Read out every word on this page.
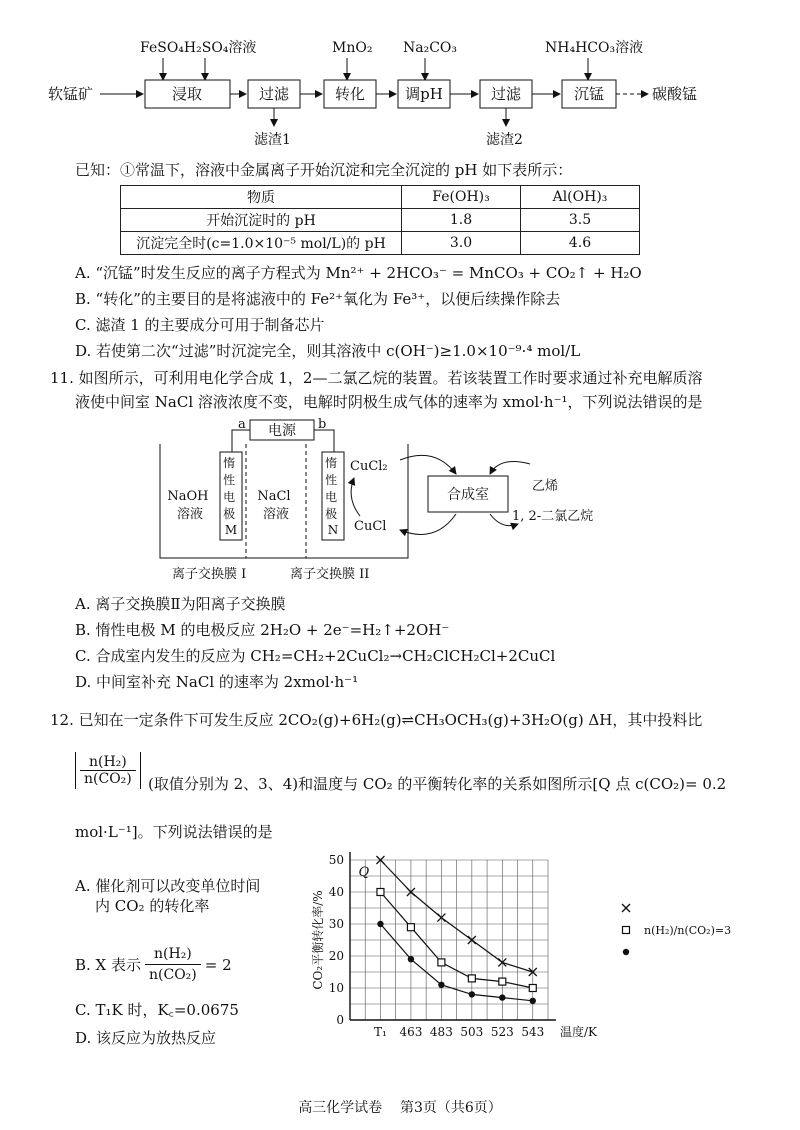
FeSO₄H₂SO₄溶液	MnO₂ Na₂CO₃	NH₄HCO₃溶液
软锰矿	浸取	过滤	转化	调pH	过滤	沉锰	碳酸锰
滤渣1	滤渣2

已知：①常温下，溶液中金属离子开始沉淀和完全沉淀的 pH 如下表所示：

物质	Fe(OH)₃	Al(OH)₃
开始沉淀时的 pH	1.8	3.5
沉淀完全时(c=1.0×10⁻⁵ mol/L)的 pH	3.0	4.6

A. “沉锰”时发生反应的离子方程式为 Mn²⁺ + 2HCO₃⁻ = MnCO₃ + CO₂↑ + H₂O

B. “转化”的主要目的是将滤液中的 Fe²⁺氧化为 Fe³⁺，以便后续操作除去

C. 滤渣 1 的主要成分可用于制备芯片

D. 若使第二次“过滤”时沉淀完全，则其溶液中 c(OH⁻)≥1.0×10⁻⁹·⁴ mol/L

11. 如图所示，可利用电化学合成 1，2—二氯乙烷的装置。若该装置工作时要求通过补充电解质溶

液使中间室 NaCl 溶液浓度不变，电解时阴极生成气体的速率为 xmol·h⁻¹，下列说法错误的是

电源
a	b
惰 性 电 极 M
惰 性 电 极 N
NaOH 溶液
NaCl 溶液
CuCl₂
CuCl
合成室
乙烯
1, 2-二氯乙烷
离子交换膜 I	离子交换膜 II

A. 离子交换膜Ⅱ为阳离子交换膜

B. 惰性电极 M 的电极反应 2H₂O + 2e⁻=H₂↑+2OH⁻

C. 合成室内发生的反应为 CH₂=CH₂+2CuCl₂→CH₂ClCH₂Cl+2CuCl

D. 中间室补充 NaCl 的速率为 2xmol·h⁻¹

12. 已知在一定条件下可发生反应 2CO₂(g)+6H₂(g)⇌CH₃OCH₃(g)+3H₂O(g) ΔH，其中投料比

$\frac{\text{n(H₂)}}{\text{n(CO₂)}}$ (取值分别为 2、3、4)和温度与 CO₂ 的平衡转化率的关系如图所示[Q 点 c(CO₂)= 0.2

mol·L⁻¹]。下列说法错误的是

A. 催化剂可以改变单位时间
内 CO₂ 的转化率

B. X 表示 $\frac{\text{n(H₂)}}{\text{n(CO₂)}} = 2$

C. T₁K 时，K꜀=0.0675

D. 该反应为放热反应	T₁ 463 483 503 523 543
0
10
20
30
40
50
CO₂平衡转化率/%
温度/K
Q
n(H₂)/n(CO₂)=3

高三化学试卷    第3页（共6页）
